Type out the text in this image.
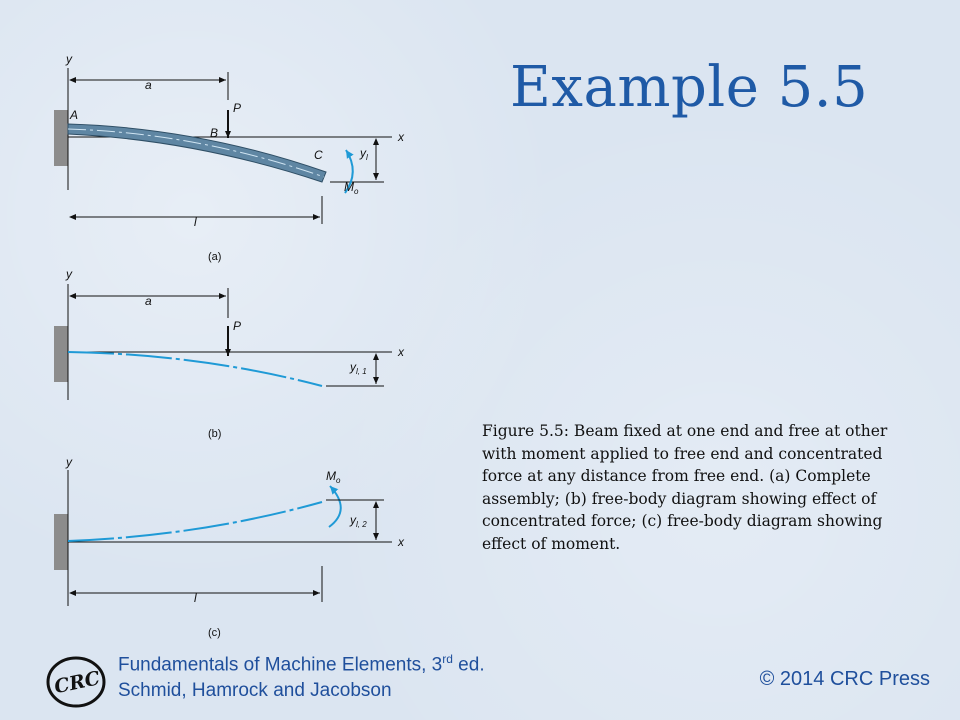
Example 5.5
y
x
a
P
A
B
C	$y_l$
$M_o$
l
(a)
y
x
a
P
$y_{l, 1}$
(b)
y
x
$M_o$
$y_{l, 2}$
l
(c)

Figure 5.5: Beam fixed at one end and free at other with moment applied to free end and concentrated force at any distance from free end. (a) Complete assembly; (b) free-body diagram showing effect of concentrated force; (c) free-body diagram showing effect of moment.

CRC
Fundamentals of Machine Elements, 3rd ed.
Schmid, Hamrock and Jacobson
© 2014 CRC Press
